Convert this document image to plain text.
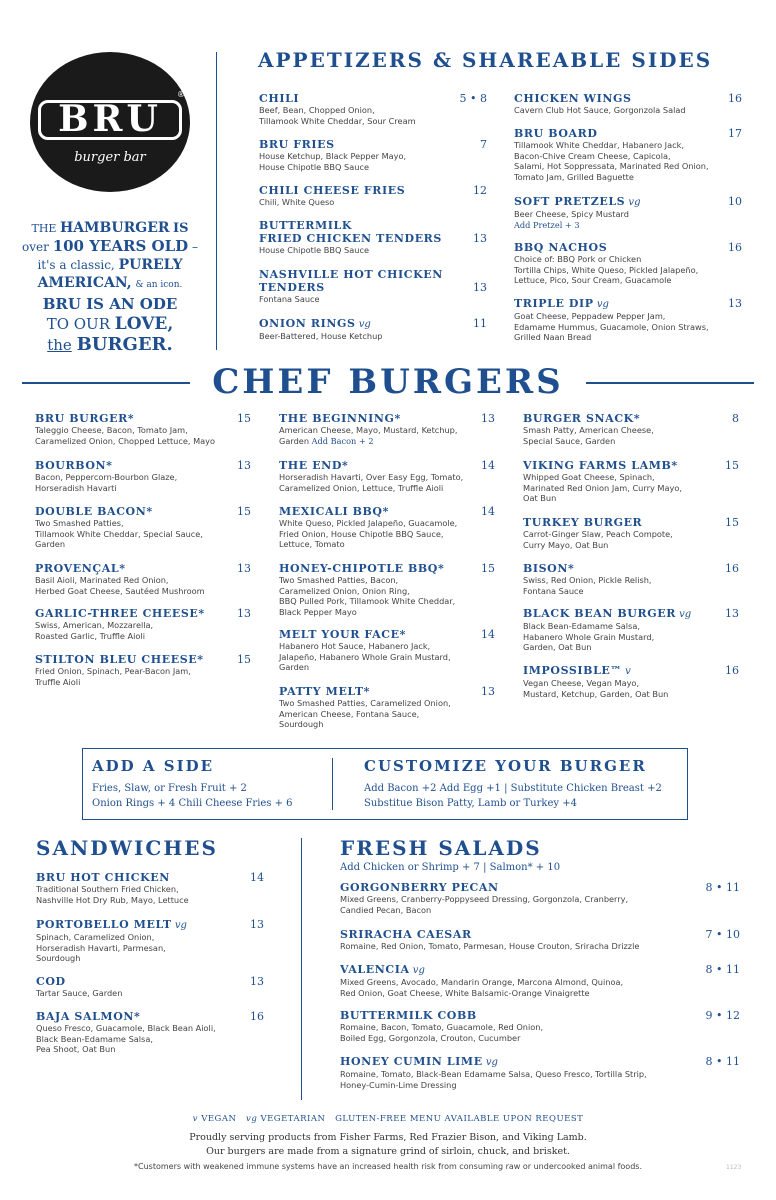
BRU
®
burger bar
THE HAMBURGER IS
over 100 YEARS OLD –
it's a classic, PURELY
AMERICAN, & an icon.
BRU IS AN ODE
TO OUR LOVE,
the BURGER.
APPETIZERS & SHAREABLE SIDES
CHILI	5 • 8
Beef, Bean, Chopped Onion,
Tillamook White Cheddar, Sour Cream
BRU FRIES	7
House Ketchup, Black Pepper Mayo,
House Chipotle BBQ Sauce
CHILI CHEESE FRIES	12
Chili, White Queso
BUTTERMILK
FRIED CHICKEN TENDERS	13
House Chipotle BBQ Sauce
NASHVILLE HOT CHICKEN
TENDERS	13
Fontana Sauce
ONION RINGS vg	11
Beer-Battered, House Ketchup
CHICKEN WINGS	16
Cavern Club Hot Sauce, Gorgonzola Salad
BRU BOARD	17
Tillamook White Cheddar, Habanero Jack,
Bacon-Chive Cream Cheese, Capicola,
Salami, Hot Soppressata, Marinated Red Onion,
Tomato Jam, Grilled Baguette
SOFT PRETZELS vg	10
Beer Cheese, Spicy Mustard
Add Pretzel + 3
BBQ NACHOS	16
Choice of: BBQ Pork or Chicken
Tortilla Chips, White Queso, Pickled Jalapeño,
Lettuce, Pico, Sour Cream, Guacamole
TRIPLE DIP vg	13
Goat Cheese, Peppadew Pepper Jam,
Edamame Hummus, Guacamole, Onion Straws,
Grilled Naan Bread
CHEF BURGERS
BRU BURGER*	15
Taleggio Cheese, Bacon, Tomato Jam,
Caramelized Onion, Chopped Lettuce, Mayo
BOURBON*	13
Bacon, Peppercorn-Bourbon Glaze,
Horseradish Havarti
DOUBLE BACON*	15
Two Smashed Patties,
Tillamook White Cheddar, Special Sauce,
Garden
PROVENÇAL*	13
Basil Aioli, Marinated Red Onion,
Herbed Goat Cheese, Sautéed Mushroom
GARLIC-THREE CHEESE*	13
Swiss, American, Mozzarella,
Roasted Garlic, Truffle Aioli
STILTON BLEU CHEESE*	15
Fried Onion, Spinach, Pear-Bacon Jam,
Truffle Aioli
THE BEGINNING*	13
American Cheese, Mayo, Mustard, Ketchup,
Garden Add Bacon + 2
THE END*	14
Horseradish Havarti, Over Easy Egg, Tomato,
Caramelized Onion, Lettuce, Truffle Aioli
MEXICALI BBQ*	14
White Queso, Pickled Jalapeño, Guacamole,
Fried Onion, House Chipotle BBQ Sauce,
Lettuce, Tomato
HONEY-CHIPOTLE BBQ*	15
Two Smashed Patties, Bacon,
Caramelized Onion, Onion Ring,
BBQ Pulled Pork, Tillamook White Cheddar,
Black Pepper Mayo
MELT YOUR FACE*	14
Habanero Hot Sauce, Habanero Jack,
Jalapeño, Habanero Whole Grain Mustard,
Garden
PATTY MELT*	13
Two Smashed Patties, Caramelized Onion,
American Cheese, Fontana Sauce,
Sourdough
BURGER SNACK*	8
Smash Patty, American Cheese,
Special Sauce, Garden
VIKING FARMS LAMB*	15
Whipped Goat Cheese, Spinach,
Marinated Red Onion Jam, Curry Mayo,
Oat Bun
TURKEY BURGER	15
Carrot-Ginger Slaw, Peach Compote,
Curry Mayo, Oat Bun
BISON*	16
Swiss, Red Onion, Pickle Relish,
Fontana Sauce
BLACK BEAN BURGER vg	13
Black Bean-Edamame Salsa,
Habanero Whole Grain Mustard,
Garden, Oat Bun
IMPOSSIBLE™ v	16
Vegan Cheese, Vegan Mayo,
Mustard, Ketchup, Garden, Oat Bun
ADD A SIDE
Fries, Slaw, or Fresh Fruit + 2
Onion Rings + 4 Chili Cheese Fries + 6
CUSTOMIZE YOUR BURGER
Add Bacon +2 Add Egg +1 | Substitute Chicken Breast +2
Substitue Bison Patty, Lamb or Turkey +4
SANDWICHES
BRU HOT CHICKEN	14
Traditional Southern Fried Chicken,
Nashville Hot Dry Rub, Mayo, Lettuce
PORTOBELLO MELT vg	13
Spinach, Caramelized Onion,
Horseradish Havarti, Parmesan,
Sourdough
COD	13
Tartar Sauce, Garden
BAJA SALMON*	16
Queso Fresco, Guacamole, Black Bean Aioli,
Black Bean-Edamame Salsa,
Pea Shoot, Oat Bun
FRESH SALADS
Add Chicken or Shrimp + 7 | Salmon* + 10
GORGONBERRY PECAN	8 • 11
Mixed Greens, Cranberry-Poppyseed Dressing, Gorgonzola, Cranberry,
Candied Pecan, Bacon
SRIRACHA CAESAR	7 • 10
Romaine, Red Onion, Tomato, Parmesan, House Crouton, Sriracha Drizzle
VALENCIA vg	8 • 11
Mixed Greens, Avocado, Mandarin Orange, Marcona Almond, Quinoa,
Red Onion, Goat Cheese, White Balsamic-Orange Vinaigrette
BUTTERMILK COBB	9 • 12
Romaine, Bacon, Tomato, Guacamole, Red Onion,
Boiled Egg, Gorgonzola, Crouton, Cucumber
HONEY CUMIN LIME vg	8 • 11
Romaine, Tomato, Black-Bean Edamame Salsa, Queso Fresco, Tortilla Strip,
Honey-Cumin-Lime Dressing
v VEGAN vg VEGETARIAN GLUTEN-FREE MENU AVAILABLE UPON REQUEST
Proudly serving products from Fisher Farms, Red Frazier Bison, and Viking Lamb.
Our burgers are made from a signature grind of sirloin, chuck, and brisket.
*Customers with weakened immune systems have an increased health risk from consuming raw or undercooked animal foods.	1123
